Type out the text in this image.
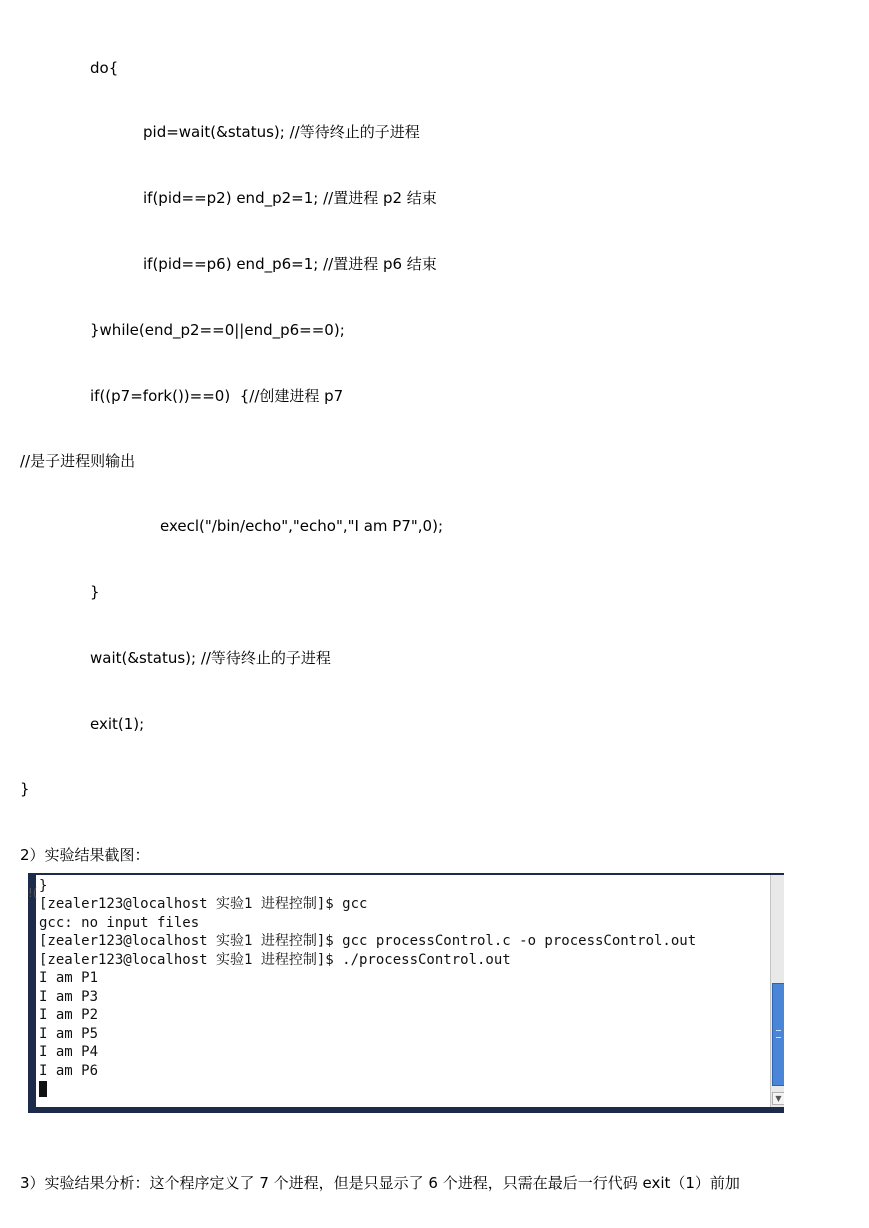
do{
pid=wait(&status); //等待终止的子进程
if(pid==p2) end_p2=1; //置进程 p2 结束
if(pid==p6) end_p6=1; //置进程 p6 结束
}while(end_p2==0||end_p6==0);
if((p7=fork())==0)  {//创建进程 p7
//是子进程则输出
execl("/bin/echo","echo","I am P7",0);
}
wait(&status); //等待终止的子进程
exit(1);
}
2）实验结果截图：
}
[zealer123@localhost 实验1 进程控制]$ gcc
gcc: no input files
[zealer123@localhost 实验1 进程控制]$ gcc processControl.c -o processControl.out
[zealer123@localhost 实验1 进程控制]$ ./processControl.out
I am P1
I am P3
I am P2
I am P5
I am P4
I am P6
▼
!(
3）实验结果分析：这个程序定义了 7 个进程，但是只显示了 6 个进程，只需在最后一行代码 exit（1）前加
